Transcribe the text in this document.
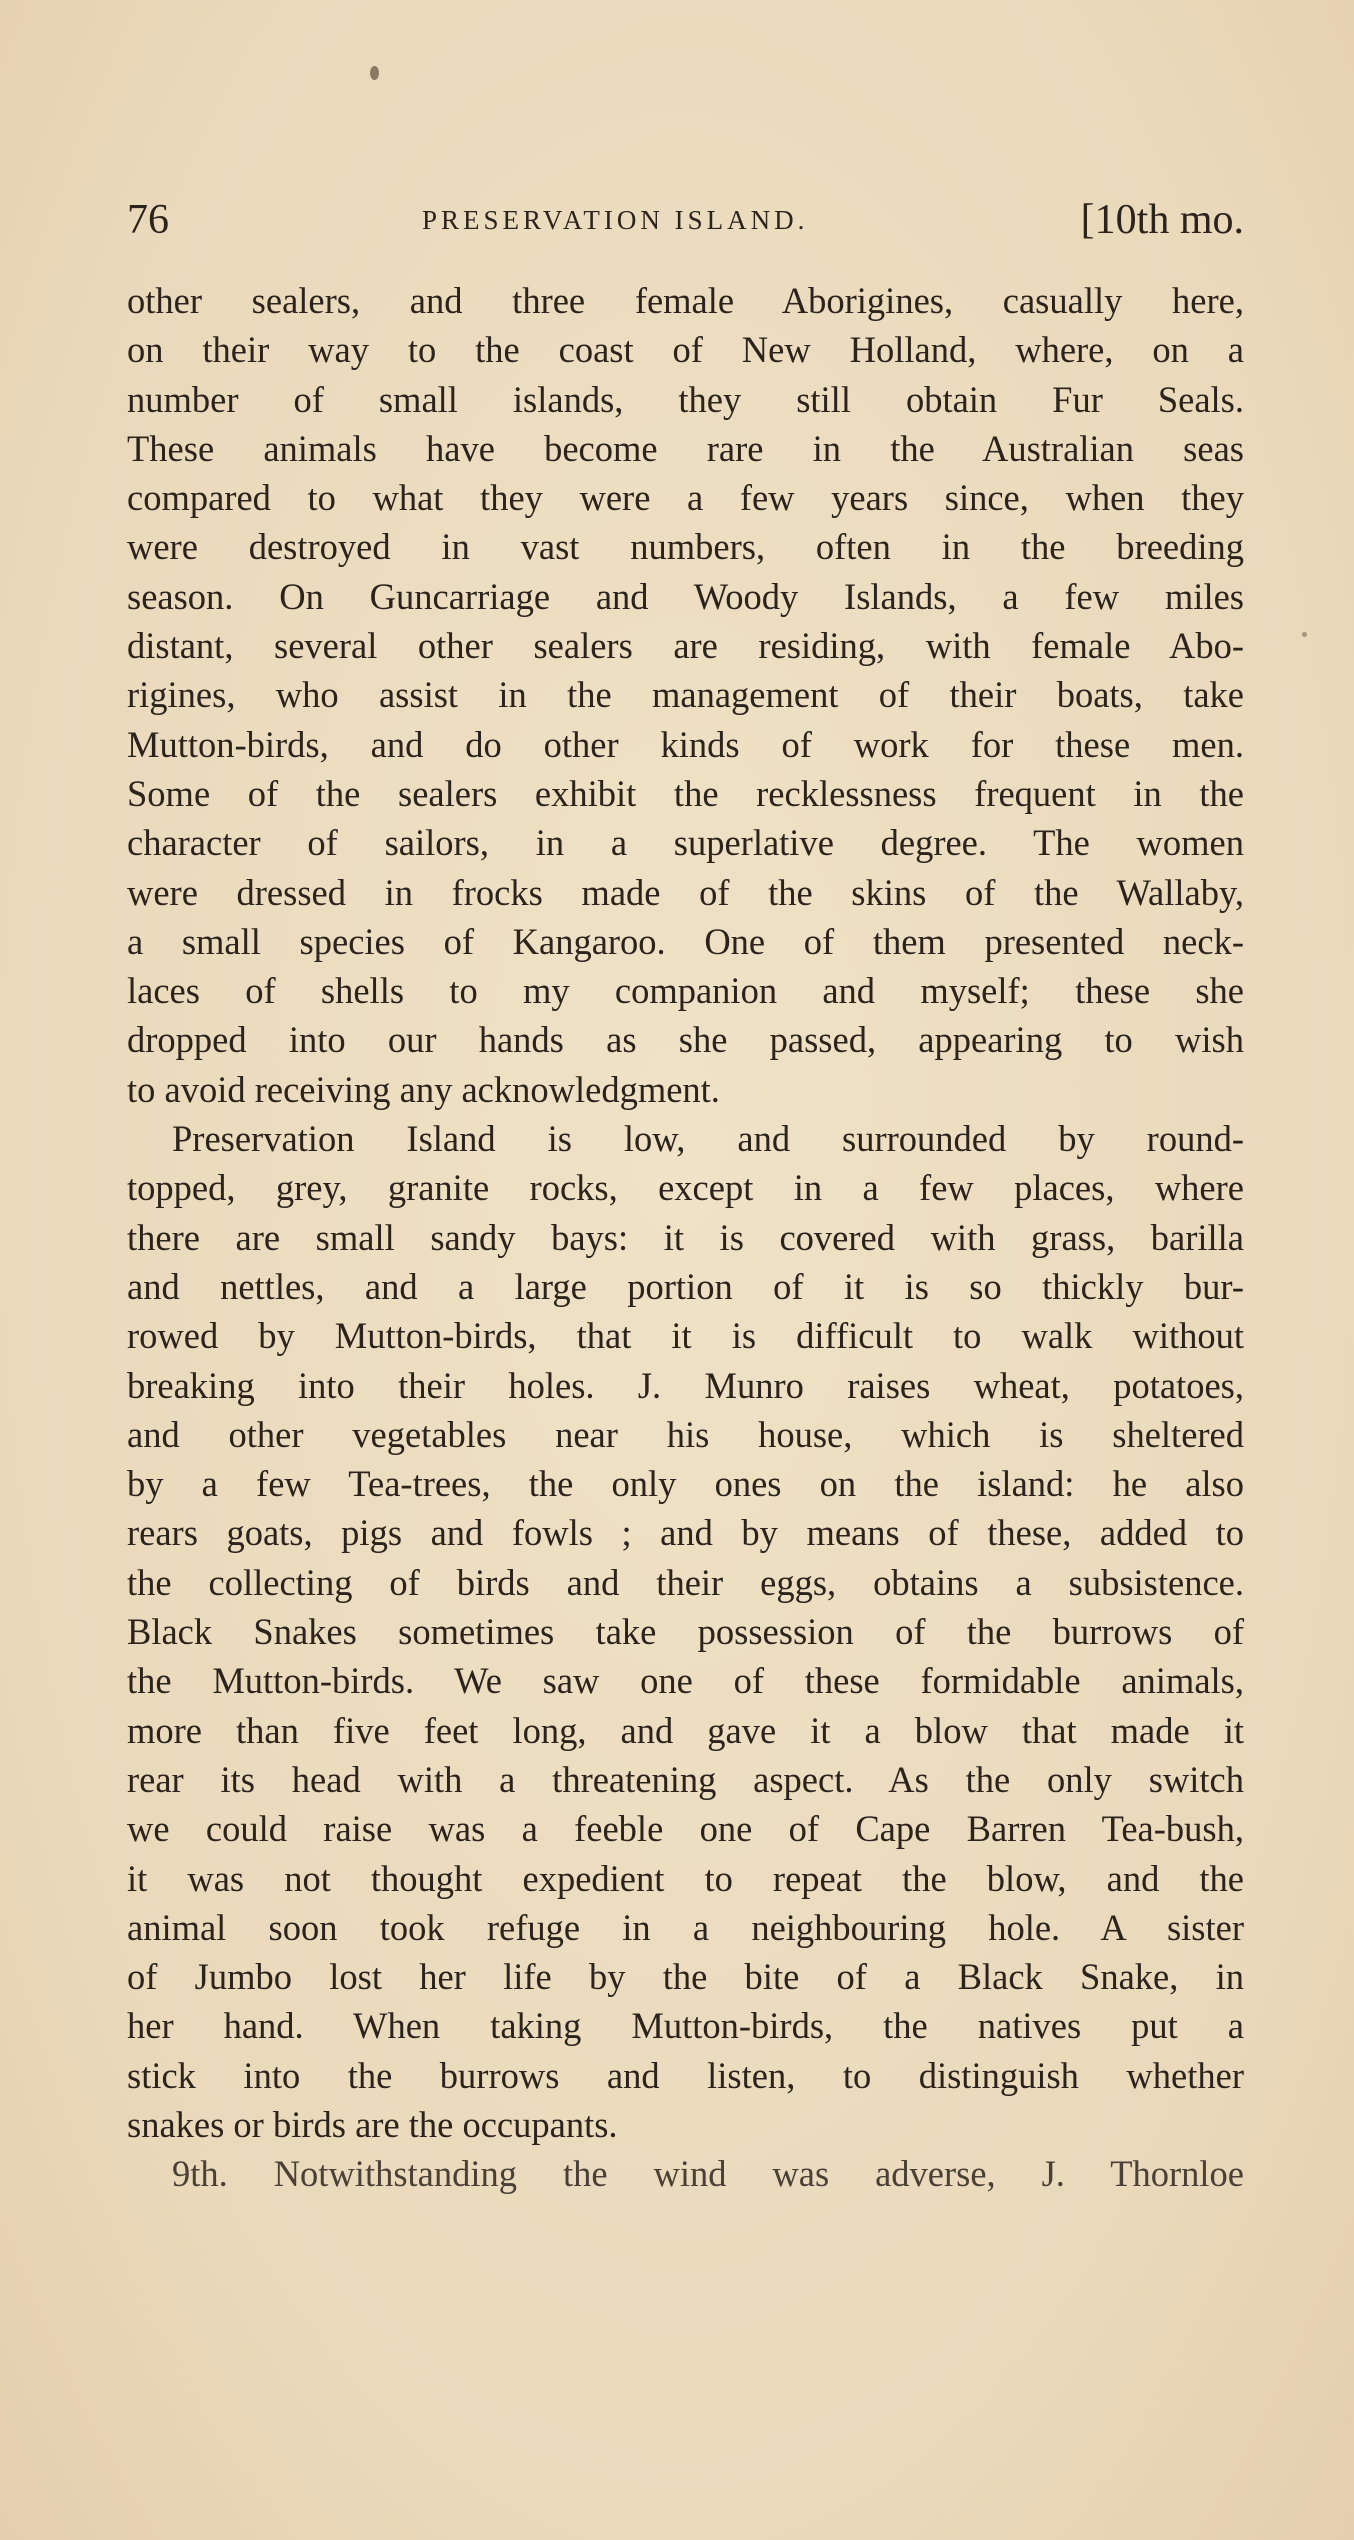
76	PRESERVATION ISLAND.	[10th mo.
other sealers, and three female Aborigines, casually here,
on their way to the coast of New Holland, where, on a
number of small islands, they still obtain Fur Seals.
These animals have become rare in the Australian seas
compared to what they were a few years since, when they
were destroyed in vast numbers, often in the breeding
season. On Guncarriage and Woody Islands, a few miles
distant, several other sealers are residing, with female Abo-
rigines, who assist in the management of their boats, take
Mutton-birds, and do other kinds of work for these men.
Some of the sealers exhibit the recklessness frequent in the
character of sailors, in a superlative degree. The women
were dressed in frocks made of the skins of the Wallaby,
a small species of Kangaroo. One of them presented neck-
laces of shells to my companion and myself; these she
dropped into our hands as she passed, appearing to wish
to avoid receiving any acknowledgment.
Preservation Island is low, and surrounded by round-
topped, grey, granite rocks, except in a few places, where
there are small sandy bays: it is covered with grass, barilla
and nettles, and a large portion of it is so thickly bur-
rowed by Mutton-birds, that it is difficult to walk without
breaking into their holes. J. Munro raises wheat, potatoes,
and other vegetables near his house, which is sheltered
by a few Tea-trees, the only ones on the island: he also
rears goats, pigs and fowls ; and by means of these, added to
the collecting of birds and their eggs, obtains a subsistence.
Black Snakes sometimes take possession of the burrows of
the Mutton-birds. We saw one of these formidable animals,
more than five feet long, and gave it a blow that made it
rear its head with a threatening aspect. As the only switch
we could raise was a feeble one of Cape Barren Tea-bush,
it was not thought expedient to repeat the blow, and the
animal soon took refuge in a neighbouring hole. A sister
of Jumbo lost her life by the bite of a Black Snake, in
her hand. When taking Mutton-birds, the natives put a
stick into the burrows and listen, to distinguish whether
snakes or birds are the occupants.
9th. Notwithstanding the wind was adverse, J. Thornloe
